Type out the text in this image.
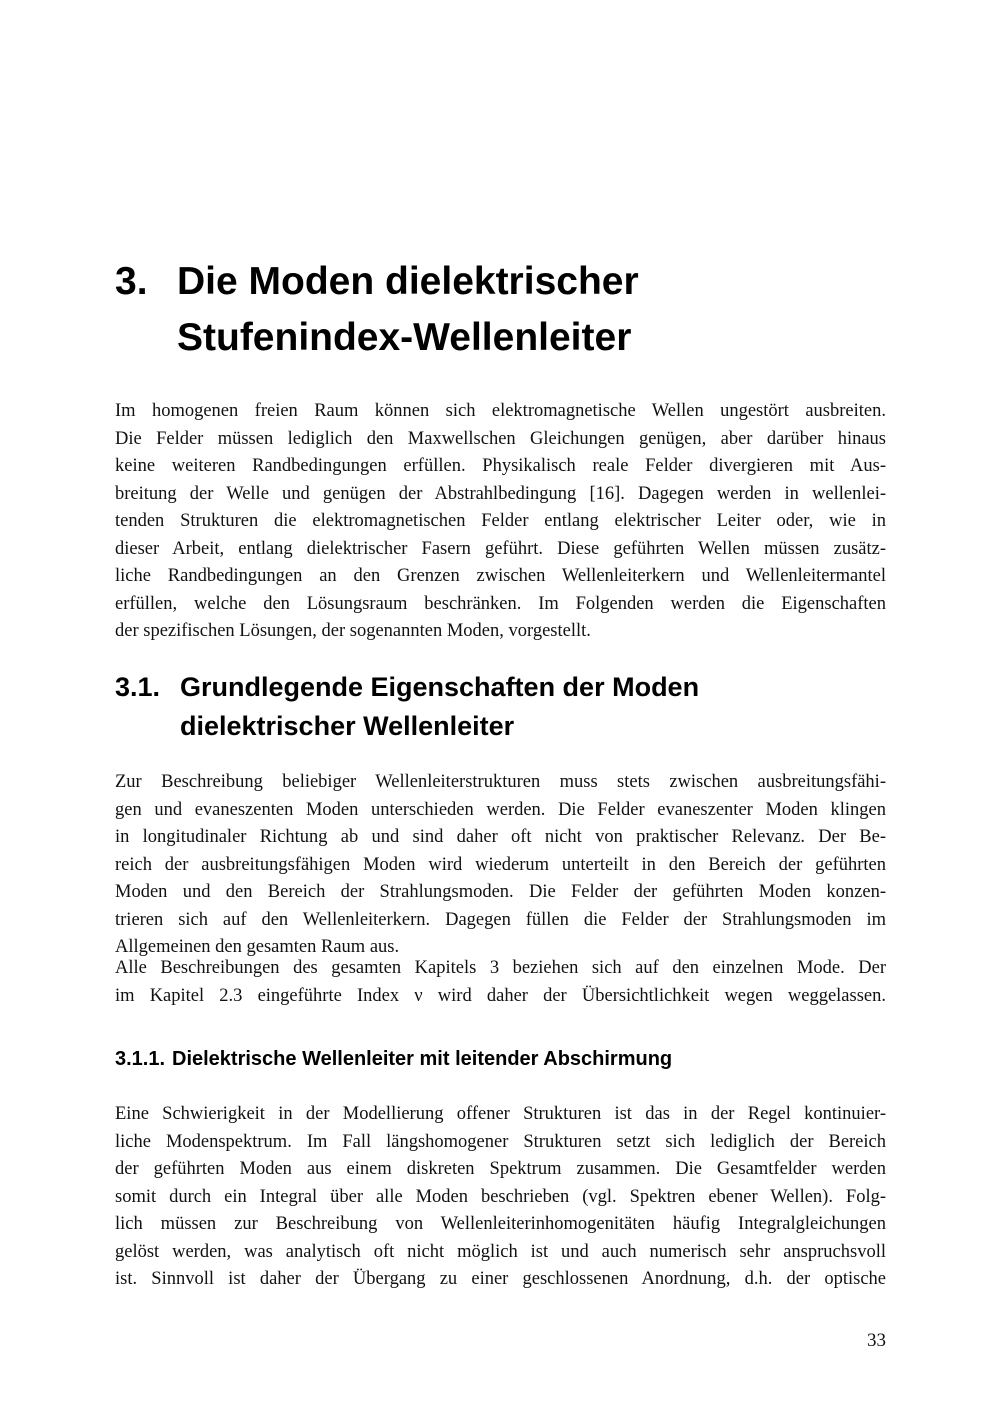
3. Die Moden dielektrischer
Stufenindex-Wellenleiter
Im homogenen freien Raum können sich elektromagnetische Wellen ungestört ausbreiten.
Die Felder müssen lediglich den Maxwellschen Gleichungen genügen, aber darüber hinaus
keine weiteren Randbedingungen erfüllen. Physikalisch reale Felder divergieren mit Aus-
breitung der Welle und genügen der Abstrahlbedingung [16]. Dagegen werden in wellenlei-
tenden Strukturen die elektromagnetischen Felder entlang elektrischer Leiter oder, wie in
dieser Arbeit, entlang dielektrischer Fasern geführt. Diese geführten Wellen müssen zusätz-
liche Randbedingungen an den Grenzen zwischen Wellenleiterkern und Wellenleitermantel
erfüllen, welche den Lösungsraum beschränken. Im Folgenden werden die Eigenschaften
der spezifischen Lösungen, der sogenannten Moden, vorgestellt.
3.1. Grundlegende Eigenschaften der Moden
dielektrischer Wellenleiter
Zur Beschreibung beliebiger Wellenleiterstrukturen muss stets zwischen ausbreitungsfähi-
gen und evaneszenten Moden unterschieden werden. Die Felder evaneszenter Moden klingen
in longitudinaler Richtung ab und sind daher oft nicht von praktischer Relevanz. Der Be-
reich der ausbreitungsfähigen Moden wird wiederum unterteilt in den Bereich der geführten
Moden und den Bereich der Strahlungsmoden. Die Felder der geführten Moden konzen-
trieren sich auf den Wellenleiterkern. Dagegen füllen die Felder der Strahlungsmoden im
Allgemeinen den gesamten Raum aus.
Alle Beschreibungen des gesamten Kapitels 3 beziehen sich auf den einzelnen Mode. Der
im Kapitel 2.3 eingeführte Index ν wird daher der Übersichtlichkeit wegen weggelassen.
3.1.1. Dielektrische Wellenleiter mit leitender Abschirmung
Eine Schwierigkeit in der Modellierung offener Strukturen ist das in der Regel kontinuier-
liche Modenspektrum. Im Fall längshomogener Strukturen setzt sich lediglich der Bereich
der geführten Moden aus einem diskreten Spektrum zusammen. Die Gesamtfelder werden
somit durch ein Integral über alle Moden beschrieben (vgl. Spektren ebener Wellen). Folg-
lich müssen zur Beschreibung von Wellenleiterinhomogenitäten häufig Integralgleichungen
gelöst werden, was analytisch oft nicht möglich ist und auch numerisch sehr anspruchsvoll
ist. Sinnvoll ist daher der Übergang zu einer geschlossenen Anordnung, d.h. der optische
33
